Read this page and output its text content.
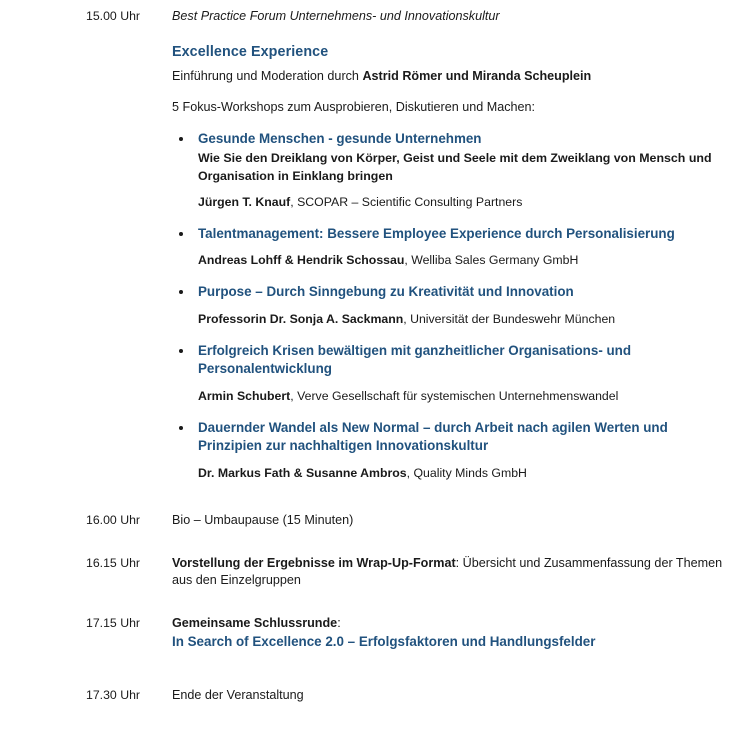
15.00 Uhr	Best Practice Forum Unternehmens- und Innovationskultur
Excellence Experience
Einführung und Moderation durch Astrid Römer und Miranda Scheuplein
5 Fokus-Workshops zum Ausprobieren, Diskutieren und Machen:
Gesunde Menschen - gesunde Unternehmen
Wie Sie den Dreiklang von Körper, Geist und Seele mit dem Zweiklang von Mensch und Organisation in Einklang bringen
Jürgen T. Knauf, SCOPAR – Scientific Consulting Partners
Talentmanagement: Bessere Employee Experience durch Personalisierung
Andreas Lohff & Hendrik Schossau, Welliba Sales Germany GmbH
Purpose – Durch Sinngebung zu Kreativität und Innovation
Professorin Dr. Sonja A. Sackmann, Universität der Bundeswehr München
Erfolgreich Krisen bewältigen mit ganzheitlicher Organisations- und Personalentwicklung
Armin Schubert, Verve Gesellschaft für systemischen Unternehmenswandel
Dauernder Wandel als New Normal – durch Arbeit nach agilen Werten und Prinzipien zur nachhaltigen Innovationskultur
Dr. Markus Fath & Susanne Ambros, Quality Minds GmbH
16.00 Uhr	Bio – Umbaupause (15 Minuten)
16.15 Uhr	Vorstellung der Ergebnisse im Wrap-Up-Format: Übersicht und Zusammenfassung der Themen aus den Einzelgruppen
17.15 Uhr	Gemeinsame Schlussrunde:
In Search of Excellence 2.0 – Erfolgsfaktoren und Handlungsfelder
17.30 Uhr	Ende der Veranstaltung
